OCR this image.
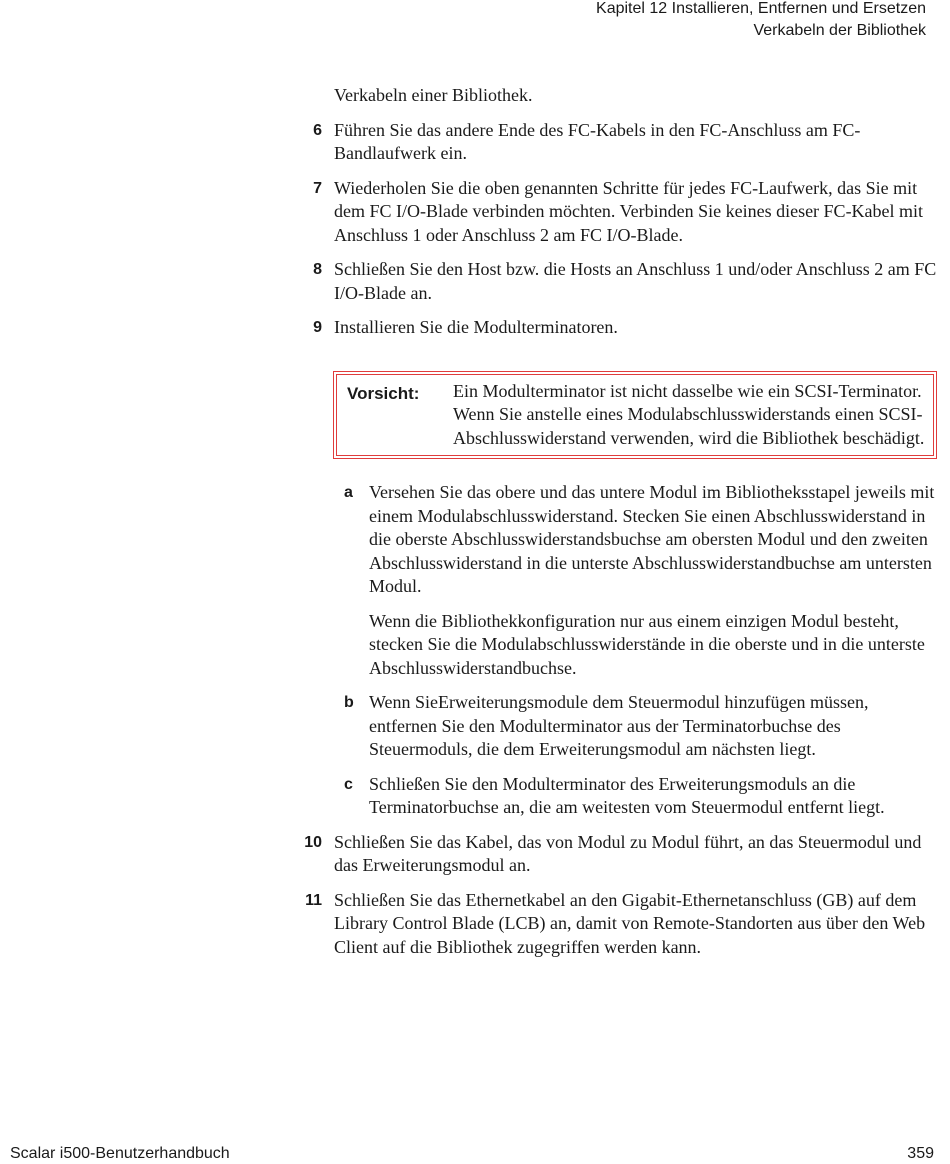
Kapitel 12 Installieren, Entfernen und Ersetzen
Verkabeln der Bibliothek

Verkabeln einer Bibliothek.

6 Führen Sie das andere Ende des FC-Kabels in den FC-Anschluss am FC-Bandlaufwerk ein.
7 Wiederholen Sie die oben genannten Schritte für jedes FC-Laufwerk, das Sie mit dem FC I/O-Blade verbinden möchten. Verbinden Sie keines dieser FC-Kabel mit Anschluss 1 oder Anschluss 2 am FC I/O-Blade.
8 Schließen Sie den Host bzw. die Hosts an Anschluss 1 und/oder Anschluss 2 am FC I/O-Blade an.
9 Installieren Sie die Modulterminatoren.
Vorsicht: Ein Modulterminator ist nicht dasselbe wie ein SCSI-Terminator. Wenn Sie anstelle eines Modulabschlusswiderstands einen SCSI-Abschlusswiderstand verwenden, wird die Bibliothek beschädigt.
a Versehen Sie das obere und das untere Modul im Bibliotheksstapel jeweils mit einem Modulabschlusswiderstand. Stecken Sie einen Abschlusswiderstand in die oberste Abschlusswiderstandsbuchse am obersten Modul und den zweiten Abschlusswiderstand in die unterste Abschlusswiderstandbuchse am untersten Modul.
Wenn die Bibliothekkonfiguration nur aus einem einzigen Modul besteht, stecken Sie die Modulabschlusswiderstände in die oberste und in die unterste Abschlusswiderstandbuchse.
b Wenn SieErweiterungsmodule dem Steuermodul hinzufügen müssen, entfernen Sie den Modulterminator aus der Terminatorbuchse des Steuermoduls, die dem Erweiterungsmodul am nächsten liegt.
c Schließen Sie den Modulterminator des Erweiterungsmoduls an die Terminatorbuchse an, die am weitesten vom Steuermodul entfernt liegt.
10 Schließen Sie das Kabel, das von Modul zu Modul führt, an das Steuermodul und das Erweiterungsmodul an.
11 Schließen Sie das Ethernetkabel an den Gigabit-Ethernetanschluss (GB) auf dem Library Control Blade (LCB) an, damit von Remote-Standorten aus über den Web Client auf die Bibliothek zugegriffen werden kann.
Scalar i500-Benutzerhandbuch	359
